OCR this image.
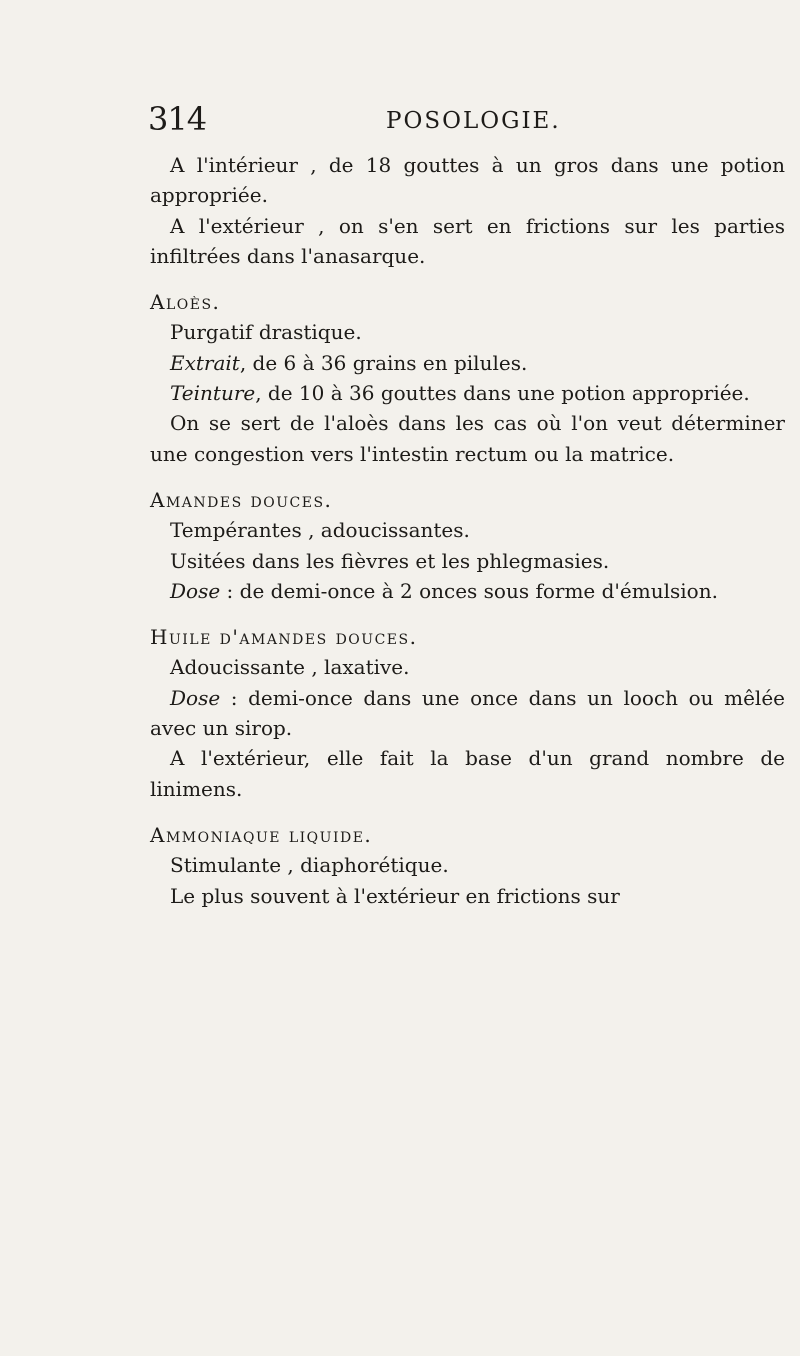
314	POSOLOGIE.

A l'intérieur , de 18 gouttes à un gros dans une potion appropriée.

A l'extérieur , on s'en sert en frictions sur les parties infiltrées dans l'anasarque.

Aloès.

Purgatif drastique.

Extrait, de 6 à 36 grains en pilules.

Teinture, de 10 à 36 gouttes dans une potion appropriée.

On se sert de l'aloès dans les cas où l'on veut déterminer une congestion vers l'intestin rectum ou la matrice.

Amandes douces.

Tempérantes , adoucissantes.

Usitées dans les fièvres et les phlegmasies.

Dose : de demi-once à 2 onces sous forme d'émulsion.

Huile d'amandes douces.

Adoucissante , laxative.

Dose : demi-once dans une once dans un looch ou mêlée avec un sirop.

A l'extérieur, elle fait la base d'un grand nombre de linimens.

Ammoniaque liquide.

Stimulante , diaphorétique.

Le plus souvent à l'extérieur en frictions sur
